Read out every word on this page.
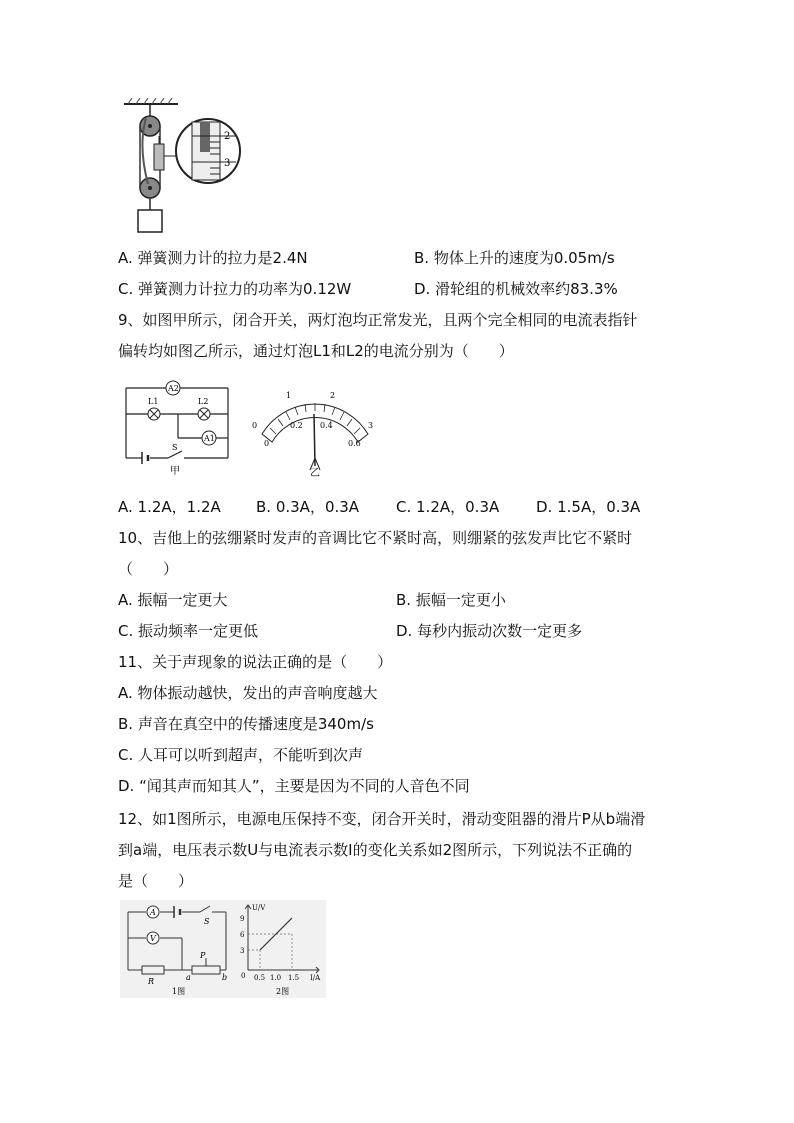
2
3
A. 弹簧测力计的拉力是2.4N	B. 物体上升的速度为0.05m/s
C. 弹簧测力计拉力的功率为0.12W	D. 滑轮组的机械效率约83.3%
9、如图甲所示，闭合开关，两灯泡均正常发光，且两个完全相同的电流表指针
偏转均如图乙所示，通过灯泡L1和L2的电流分别为（　　）
A2
L1	L2
A1
S
甲
0
1	2
3
0
0.2 0.4
0.6
乙
A. 1.2A，1.2A B. 0.3A，0.3A C. 1.2A，0.3A D. 1.5A，0.3A
10、吉他上的弦绷紧时发声的音调比它不紧时高，则绷紧的弦发声比它不紧时
（　　）
A. 振幅一定更大	B. 振幅一定更小
C. 振动频率一定更低	D. 每秒内振动次数一定更多
11、关于声现象的说法正确的是（　　）
A. 物体振动越快，发出的声音响度越大
B. 声音在真空中的传播速度是340m/s
C. 人耳可以听到超声，不能听到次声
D. “闻其声而知其人”，主要是因为不同的人音色不同
12、如1图所示，电源电压保持不变，闭合开关时，滑动变阻器的滑片P从b端滑
到a端，电压表示数U与电流表示数I的变化关系如2图所示，下列说法不正确的
是（　　）
A
V
S
R
P
a	b
1图
U/V
I/A
0
3
6
9
0.5 1.0 1.5
2图
